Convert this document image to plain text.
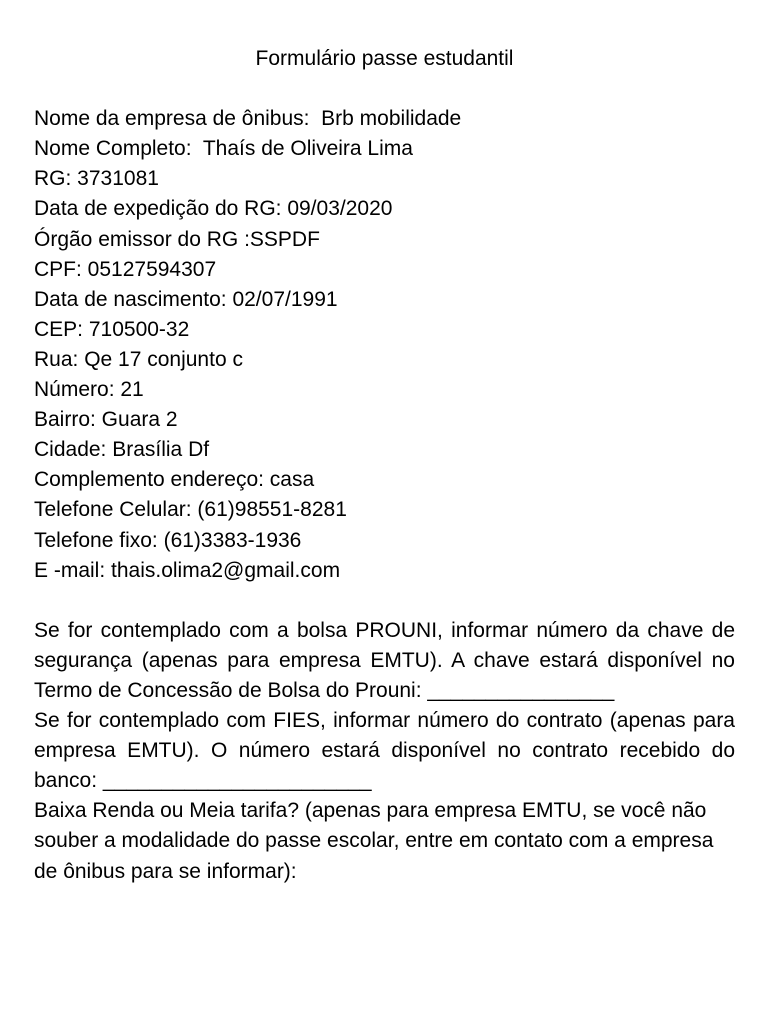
Formulário passe estudantil

Nome da empresa de ônibus:  Brb mobilidade

Nome Completo:  Thaís de Oliveira Lima

RG: 3731081

Data de expedição do RG: 09/03/2020

Órgão emissor do RG :SSPDF

CPF: 05127594307

Data de nascimento: 02/07/1991

CEP: 710500-32

Rua: Qe 17 conjunto c

Número: 21

Bairro: Guara 2

Cidade: Brasília Df

Complemento endereço: casa

Telefone Celular: (61)98551-8281

Telefone fixo: (61)3383-1936

E -mail: thais.olima2@gmail.com

Se for contemplado com a bolsa PROUNI, informar número da chave de segurança (apenas para empresa EMTU). A chave estará disponível no Termo de Concessão de Bolsa do Prouni: ________________

Se for contemplado com FIES, informar número do contrato (apenas para empresa EMTU). O número estará disponível no contrato recebido do banco: _______________________

Baixa Renda ou Meia tarifa? (apenas para empresa EMTU, se você não souber a modalidade do passe escolar, entre em contato com a empresa de ônibus para se informar):
